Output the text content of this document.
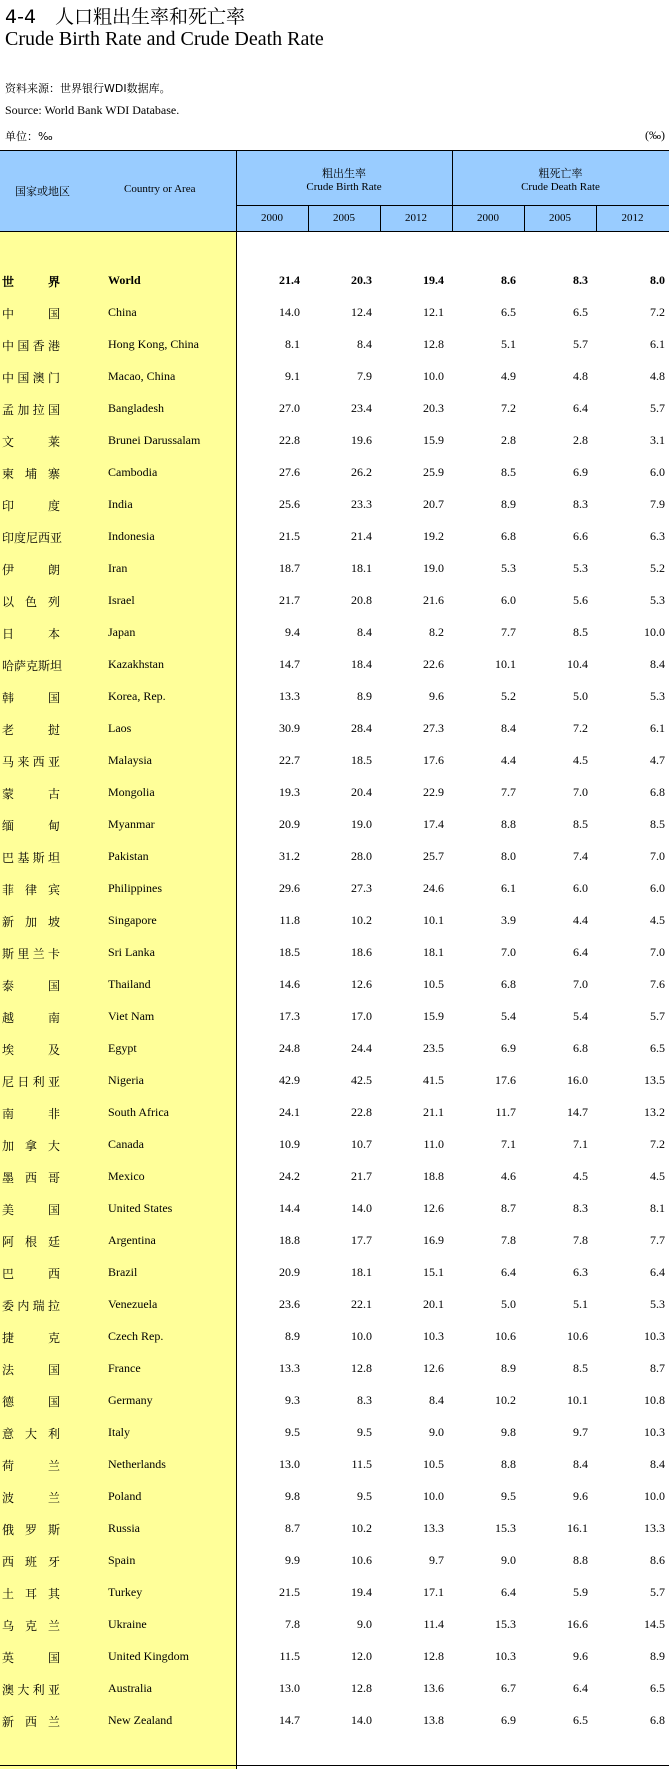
4-4　人口粗出生率和死亡率
Crude Birth Rate and Crude Death Rate
资料来源：世界银行WDI数据库。
Source: World Bank WDI Database.
单位：‰	(‰)
国家或地区	Country or Area
粗出生率
Crude Birth Rate
粗死亡率
Crude Death Rate
2000	2005	2012	2000	2005	2012
世界	World	21.4	20.3	19.4	8.6	8.3	8.0
中国	China	14.0	12.4	12.1	6.5	6.5	7.2
中国香港	Hong Kong, China	8.1	8.4	12.8	5.1	5.7	6.1
中国澳门	Macao, China	9.1	7.9	10.0	4.9	4.8	4.8
孟加拉国	Bangladesh	27.0	23.4	20.3	7.2	6.4	5.7
文莱	Brunei Darussalam	22.8	19.6	15.9	2.8	2.8	3.1
柬埔寨	Cambodia	27.6	26.2	25.9	8.5	6.9	6.0
印度	India	25.6	23.3	20.7	8.9	8.3	7.9
印度尼西亚	Indonesia	21.5	21.4	19.2	6.8	6.6	6.3
伊朗	Iran	18.7	18.1	19.0	5.3	5.3	5.2
以色列	Israel	21.7	20.8	21.6	6.0	5.6	5.3
日本	Japan	9.4	8.4	8.2	7.7	8.5	10.0
哈萨克斯坦	Kazakhstan	14.7	18.4	22.6	10.1	10.4	8.4
韩国	Korea, Rep.	13.3	8.9	9.6	5.2	5.0	5.3
老挝	Laos	30.9	28.4	27.3	8.4	7.2	6.1
马来西亚	Malaysia	22.7	18.5	17.6	4.4	4.5	4.7
蒙古	Mongolia	19.3	20.4	22.9	7.7	7.0	6.8
缅甸	Myanmar	20.9	19.0	17.4	8.8	8.5	8.5
巴基斯坦	Pakistan	31.2	28.0	25.7	8.0	7.4	7.0
菲律宾	Philippines	29.6	27.3	24.6	6.1	6.0	6.0
新加坡	Singapore	11.8	10.2	10.1	3.9	4.4	4.5
斯里兰卡	Sri Lanka	18.5	18.6	18.1	7.0	6.4	7.0
泰国	Thailand	14.6	12.6	10.5	6.8	7.0	7.6
越南	Viet Nam	17.3	17.0	15.9	5.4	5.4	5.7
埃及	Egypt	24.8	24.4	23.5	6.9	6.8	6.5
尼日利亚	Nigeria	42.9	42.5	41.5	17.6	16.0	13.5
南非	South Africa	24.1	22.8	21.1	11.7	14.7	13.2
加拿大	Canada	10.9	10.7	11.0	7.1	7.1	7.2
墨西哥	Mexico	24.2	21.7	18.8	4.6	4.5	4.5
美国	United States	14.4	14.0	12.6	8.7	8.3	8.1
阿根廷	Argentina	18.8	17.7	16.9	7.8	7.8	7.7
巴西	Brazil	20.9	18.1	15.1	6.4	6.3	6.4
委内瑞拉	Venezuela	23.6	22.1	20.1	5.0	5.1	5.3
捷克	Czech Rep.	8.9	10.0	10.3	10.6	10.6	10.3
法国	France	13.3	12.8	12.6	8.9	8.5	8.7
德国	Germany	9.3	8.3	8.4	10.2	10.1	10.8
意大利	Italy	9.5	9.5	9.0	9.8	9.7	10.3
荷兰	Netherlands	13.0	11.5	10.5	8.8	8.4	8.4
波兰	Poland	9.8	9.5	10.0	9.5	9.6	10.0
俄罗斯	Russia	8.7	10.2	13.3	15.3	16.1	13.3
西班牙	Spain	9.9	10.6	9.7	9.0	8.8	8.6
土耳其	Turkey	21.5	19.4	17.1	6.4	5.9	5.7
乌克兰	Ukraine	7.8	9.0	11.4	15.3	16.6	14.5
英国	United Kingdom	11.5	12.0	12.8	10.3	9.6	8.9
澳大利亚	Australia	13.0	12.8	13.6	6.7	6.4	6.5
新西兰	New Zealand	14.7	14.0	13.8	6.9	6.5	6.8
